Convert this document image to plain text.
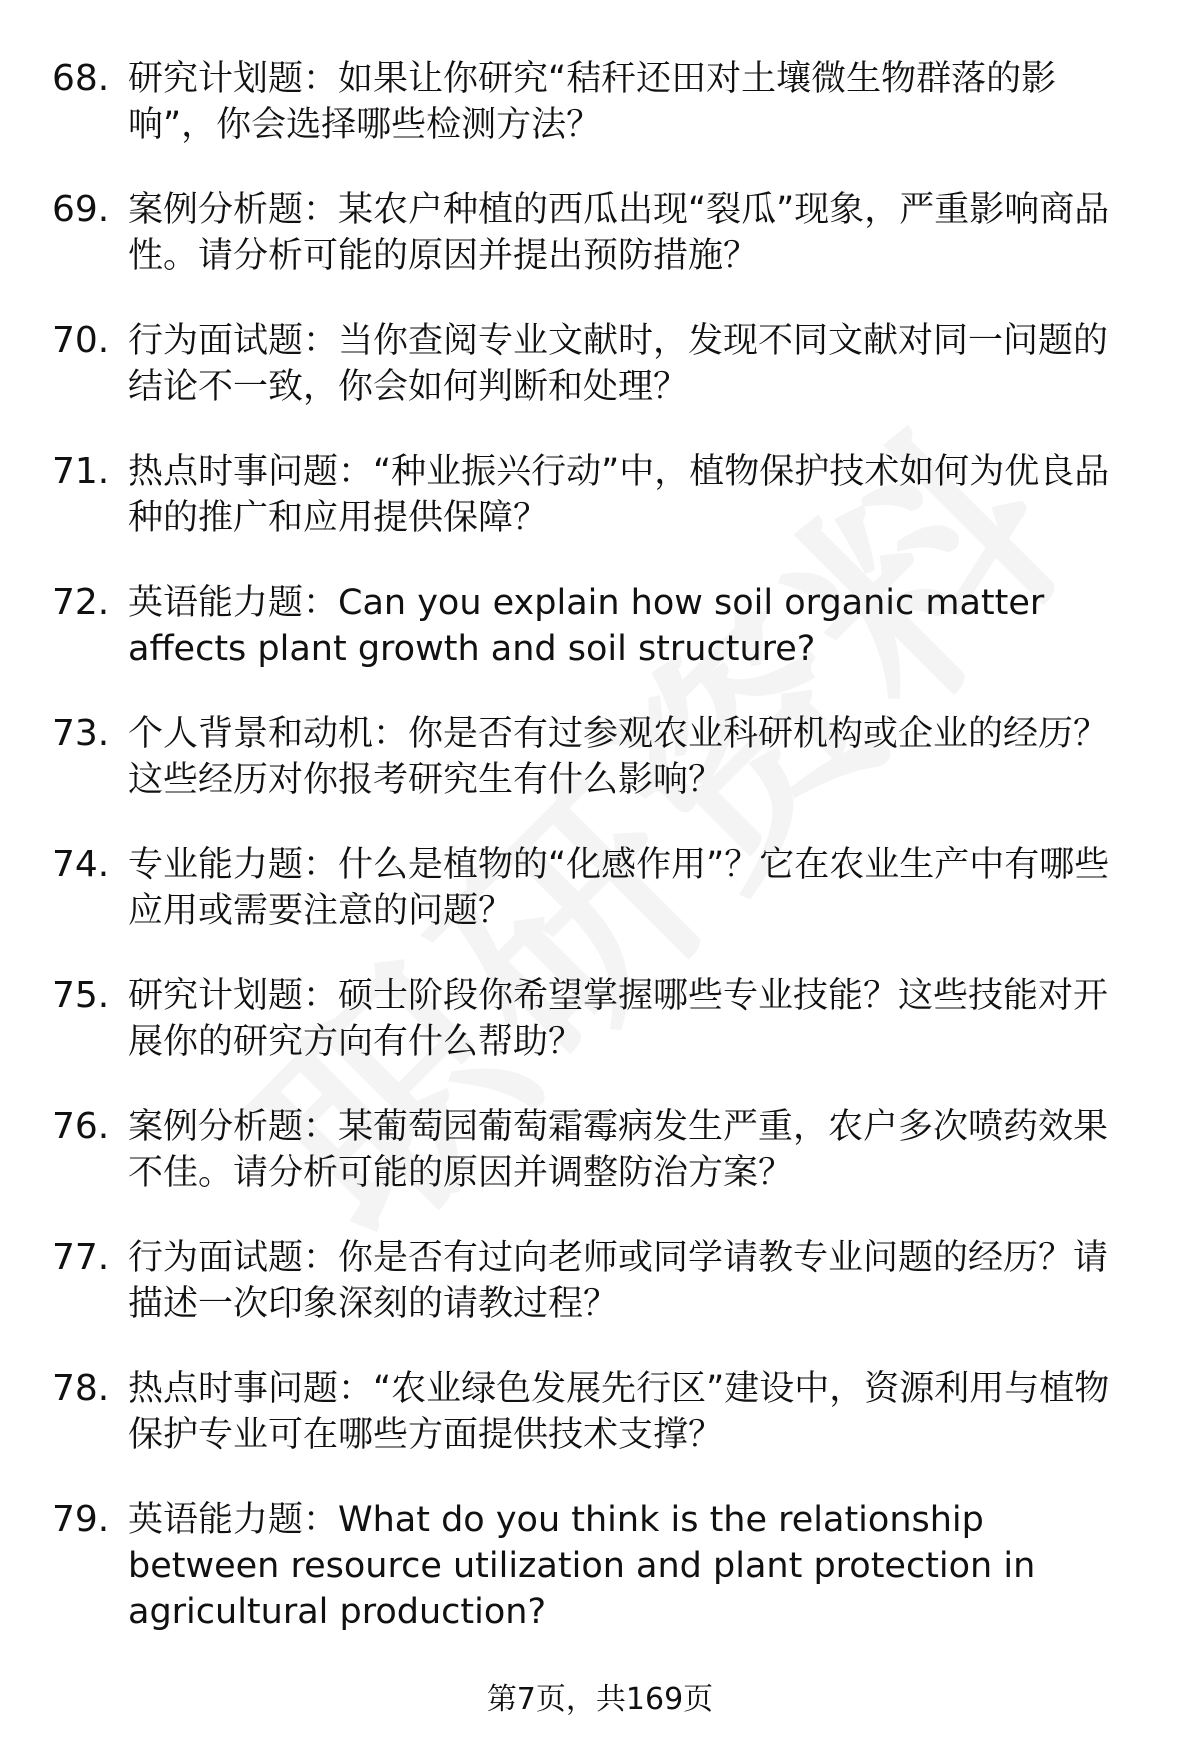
68. 研究计划题：如果让你研究“秸秆还田对土壤微生物群落的影响”，你会选择哪些检测方法？
69. 案例分析题：某农户种植的西瓜出现“裂瓜”现象，严重影响商品性。请分析可能的原因并提出预防措施？
70. 行为面试题：当你查阅专业文献时，发现不同文献对同一问题的结论不一致，你会如何判断和处理？
71. 热点时事问题：“种业振兴行动”中，植物保护技术如何为优良品种的推广和应用提供保障？
72. 英语能力题：Can you explain how soil organic matter affects plant growth and soil structure?
73. 个人背景和动机：你是否有过参观农业科研机构或企业的经历？这些经历对你报考研究生有什么影响？
74. 专业能力题：什么是植物的“化感作用”？它在农业生产中有哪些应用或需要注意的问题？
75. 研究计划题：硕士阶段你希望掌握哪些专业技能？这些技能对开展你的研究方向有什么帮助？
76. 案例分析题：某葡萄园葡萄霜霉病发生严重，农户多次喷药效果不佳。请分析可能的原因并调整防治方案？
77. 行为面试题：你是否有过向老师或同学请教专业问题的经历？请描述一次印象深刻的请教过程？
78. 热点时事问题：“农业绿色发展先行区”建设中，资源利用与植物保护专业可在哪些方面提供技术支撑？
79. 英语能力题：What do you think is the relationship between resource utilization and plant protection in agricultural production?
第7页，共169页
